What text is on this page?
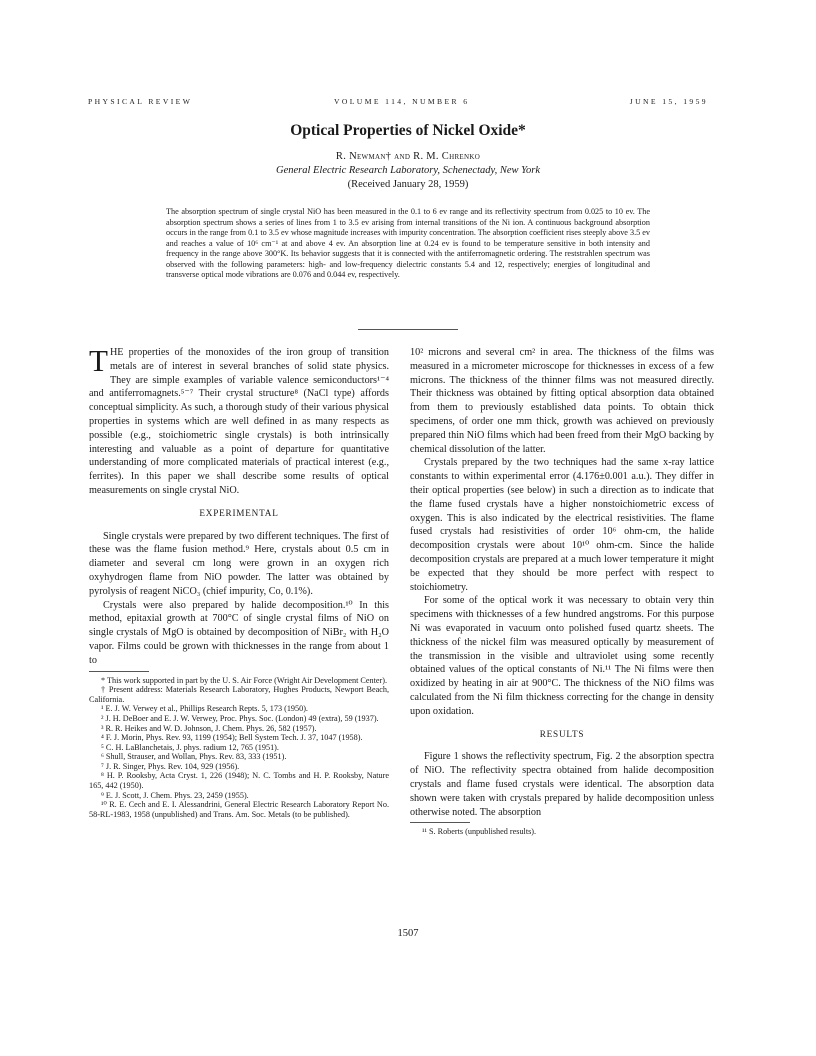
PHYSICAL REVIEW	VOLUME 114, NUMBER 6	JUNE 15, 1959
Optical Properties of Nickel Oxide*
R. Newman† and R. M. Chrenko
General Electric Research Laboratory, Schenectady, New York
(Received January 28, 1959)

The absorption spectrum of single crystal NiO has been measured in the 0.1 to 6 ev range and its reflectivity spectrum from 0.025 to 10 ev. The absorption spectrum shows a series of lines from 1 to 3.5 ev arising from internal transitions of the Ni ion. A continuous background absorption occurs in the range from 0.1 to 3.5 ev whose magnitude increases with impurity concentration. The absorption coefficient rises steeply above 3.5 ev and reaches a value of 10⁶ cm⁻¹ at and above 4 ev. An absorption line at 0.24 ev is found to be temperature sensitive in both intensity and frequency in the range above 300°K. Its behavior suggests that it is connected with the antiferromagnetic ordering. The reststrahlen spectrum was observed with the following parameters: high- and low-frequency dielectric constants 5.4 and 12, respectively; energies of longitudinal and transverse optical mode vibrations are 0.076 and 0.044 ev, respectively.

THE properties of the monoxides of the iron group of transition metals are of interest in several branches of solid state physics. They are simple examples of variable valence semiconductors¹⁻⁴ and antiferromagnets.⁵⁻⁷ Their crystal structure⁸ (NaCl type) affords conceptual simplicity. As such, a thorough study of their various physical properties in systems which are well defined in as many respects as possible (e.g., stoichiometric single crystals) is both intrinsically interesting and valuable as a point of departure for quantitative understanding of more complicated materials of practical interest (e.g., ferrites). In this paper we shall describe some results of optical measurements on single crystal NiO.

EXPERIMENTAL

Single crystals were prepared by two different techniques. The first of these was the flame fusion method.⁹ Here, crystals about 0.5 cm in diameter and several cm long were grown in an oxygen rich oxyhydrogen flame from NiO powder. The latter was obtained by pyrolysis of reagent NiCO₃ (chief impurity, Co, 0.1%).

Crystals were also prepared by halide decomposition.¹⁰ In this method, epitaxial growth at 700°C of single crystal films of NiO on single crystals of MgO is obtained by decomposition of NiBr₂ with H₂O vapor. Films could be grown with thicknesses in the range from about 1 to

* This work supported in part by the U. S. Air Force (Wright Air Development Center).

† Present address: Materials Research Laboratory, Hughes Products, Newport Beach, California.

¹ E. J. W. Verwey et al., Phillips Research Repts. 5, 173 (1950).

² J. H. DeBoer and E. J. W. Verwey, Proc. Phys. Soc. (London) 49 (extra), 59 (1937).

³ R. R. Heikes and W. D. Johnson, J. Chem. Phys. 26, 582 (1957).

⁴ F. J. Morin, Phys. Rev. 93, 1199 (1954); Bell System Tech. J. 37, 1047 (1958).

⁵ C. H. LaBlanchetais, J. phys. radium 12, 765 (1951).

⁶ Shull, Strauser, and Wollan, Phys. Rev. 83, 333 (1951).

⁷ J. R. Singer, Phys. Rev. 104, 929 (1956).

⁸ H. P. Rooksby, Acta Cryst. 1, 226 (1948); N. C. Tombs and H. P. Rooksby, Nature 165, 442 (1950).

⁹ E. J. Scott, J. Chem. Phys. 23, 2459 (1955).

¹⁰ R. E. Cech and E. I. Alessandrini, General Electric Research Laboratory Report No. 58-RL-1983, 1958 (unpublished) and Trans. Am. Soc. Metals (to be published).

10² microns and several cm² in area. The thickness of the films was measured in a micrometer microscope for thicknesses in excess of a few microns. The thickness of the thinner films was not measured directly. Their thickness was obtained by fitting optical absorption data obtained from them to previously established data points. To obtain thick specimens, of order one mm thick, growth was achieved on previously prepared thin NiO films which had been freed from their MgO backing by chemical dissolution of the latter.

Crystals prepared by the two techniques had the same x-ray lattice constants to within experimental error (4.176±0.001 a.u.). They differ in their optical properties (see below) in such a direction as to indicate that the flame fused crystals have a higher nonstoichiometric excess of oxygen. This is also indicated by the electrical resistivities. The flame fused crystals had resistivities of order 10⁶ ohm-cm, the halide decomposition crystals were about 10¹⁰ ohm-cm. Since the halide decomposition crystals are prepared at a much lower temperature it might be expected that they should be more perfect with respect to stoichiometry.

For some of the optical work it was necessary to obtain very thin specimens with thicknesses of a few hundred angstroms. For this purpose Ni was evaporated in vacuum onto polished fused quartz sheets. The thickness of the nickel film was measured optically by measurement of the transmission in the visible and ultraviolet using some recently obtained values of the optical constants of Ni.¹¹ The Ni films were then oxidized by heating in air at 900°C. The thickness of the NiO films was calculated from the Ni film thickness correcting for the change in density upon oxidation.

RESULTS

Figure 1 shows the reflectivity spectrum, Fig. 2 the absorption spectra of NiO. The reflectivity spectra obtained from halide decomposition crystals and flame fused crystals were identical. The absorption data shown were taken with crystals prepared by halide decomposition unless otherwise noted. The absorption

¹¹ S. Roberts (unpublished results).

1507
